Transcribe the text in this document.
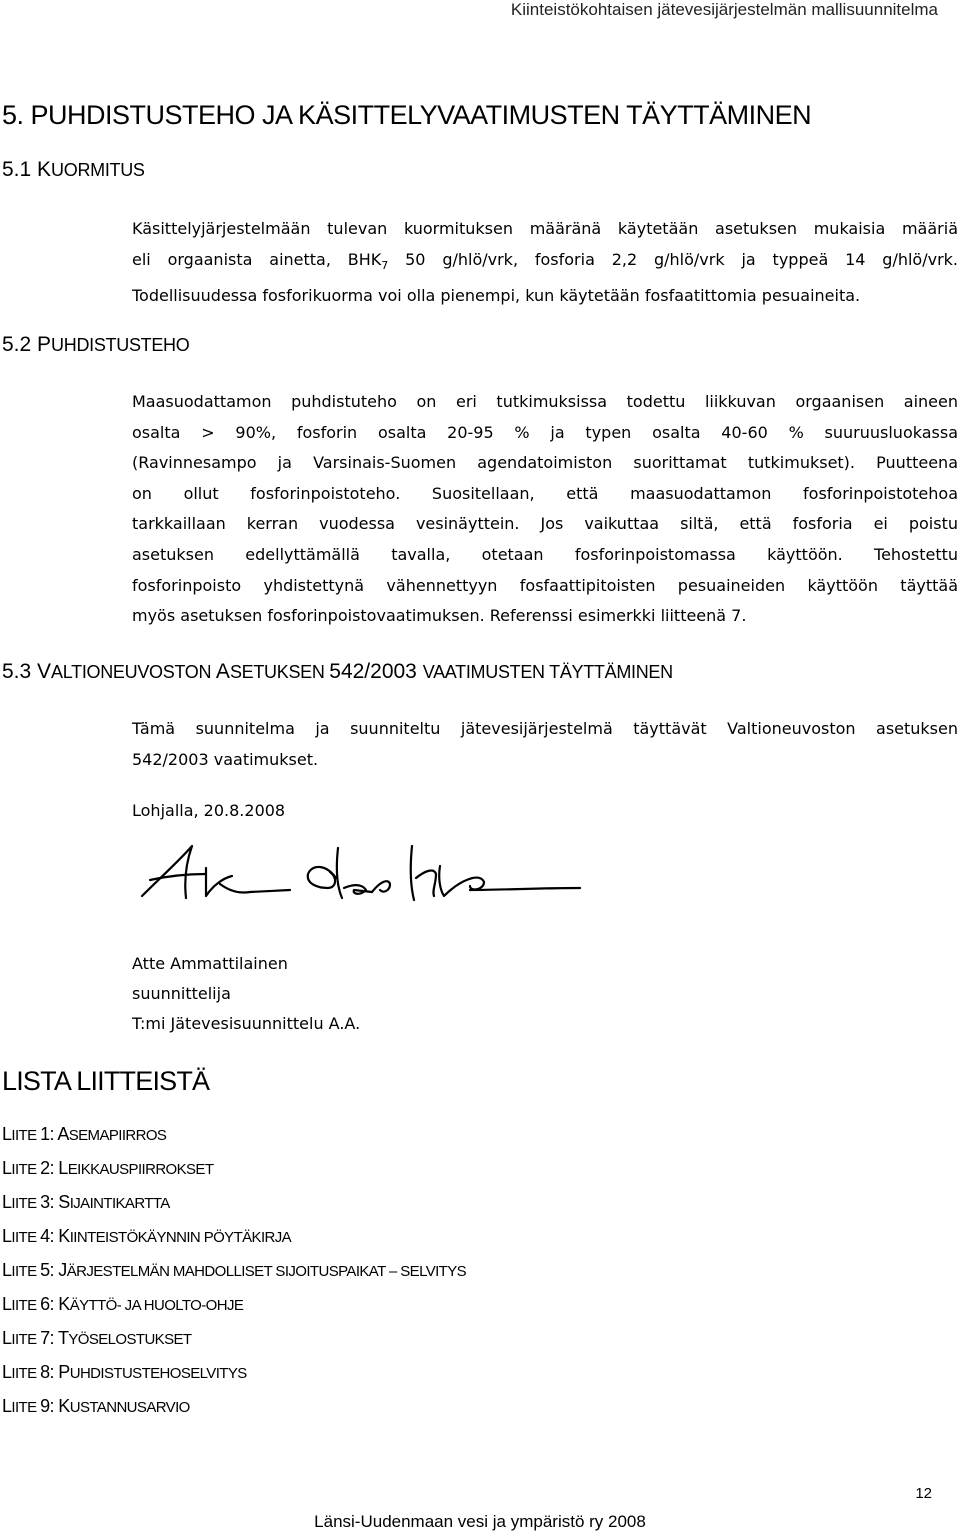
Kiinteistökohtaisen jätevesijärjestelmän mallisuunnitelma
5. PUHDISTUSTEHO JA KÄSITTELYVAATIMUSTEN TÄYTTÄMINEN
5.1 KUORMITUS
Käsittelyjärjestelmään tulevan kuormituksen määränä käytetään asetuksen mukaisia määriä
eli orgaanista ainetta, $BHK_7$ 50 g/hlö/vrk, fosforia 2,2 g/hlö/vrk ja typpeä 14 g/hlö/vrk.
Todellisuudessa fosforikuorma voi olla pienempi, kun käytetään fosfaatittomia pesuaineita.
5.2 PUHDISTUSTEHO
Maasuodattamon puhdistuteho on eri tutkimuksissa todettu liikkuvan orgaanisen aineen
osalta > 90%, fosforin osalta 20-95 % ja typen osalta 40-60 % suuruusluokassa
(Ravinnesampo ja Varsinais-Suomen agendatoimiston suorittamat tutkimukset). Puutteena
on ollut fosforinpoistoteho. Suositellaan, että maasuodattamon fosforinpoistotehoa
tarkkaillaan kerran vuodessa vesinäyttein. Jos vaikuttaa siltä, että fosforia ei poistu
asetuksen edellyttämällä tavalla, otetaan fosforinpoistomassa käyttöön. Tehostettu
fosforinpoisto yhdistettynä vähennettyyn fosfaattipitoisten pesuaineiden käyttöön täyttää
myös asetuksen fosforinpoistovaatimuksen. Referenssi esimerkki liitteenä 7.
5.3 VALTIONEUVOSTON ASETUKSEN 542/2003 VAATIMUSTEN TÄYTTÄMINEN
Tämä suunnitelma ja suunniteltu jätevesijärjestelmä täyttävät Valtioneuvoston asetuksen
542/2003 vaatimukset.
Lohjalla, 20.8.2008
Atte Ammattilainen
suunnittelija
T:mi Jätevesisuunnittelu A.A.
LISTA LIITTEISTÄ
LIITE 1: ASEMAPIIRROS
LIITE 2: LEIKKAUSPIIRROKSET
LIITE 3: SIJAINTIKARTTA
LIITE 4: KIINTEISTÖKÄYNNIN PÖYTÄKIRJA
LIITE 5: JÄRJESTELMÄN MAHDOLLISET SIJOITUSPAIKAT – SELVITYS
LIITE 6: KÄYTTÖ- JA HUOLTO-OHJE
LIITE 7: TYÖSELOSTUKSET
LIITE 8: PUHDISTUSTEHOSELVITYS
LIITE 9: KUSTANNUSARVIO
12
Länsi-Uudenmaan vesi ja ympäristö ry 2008
